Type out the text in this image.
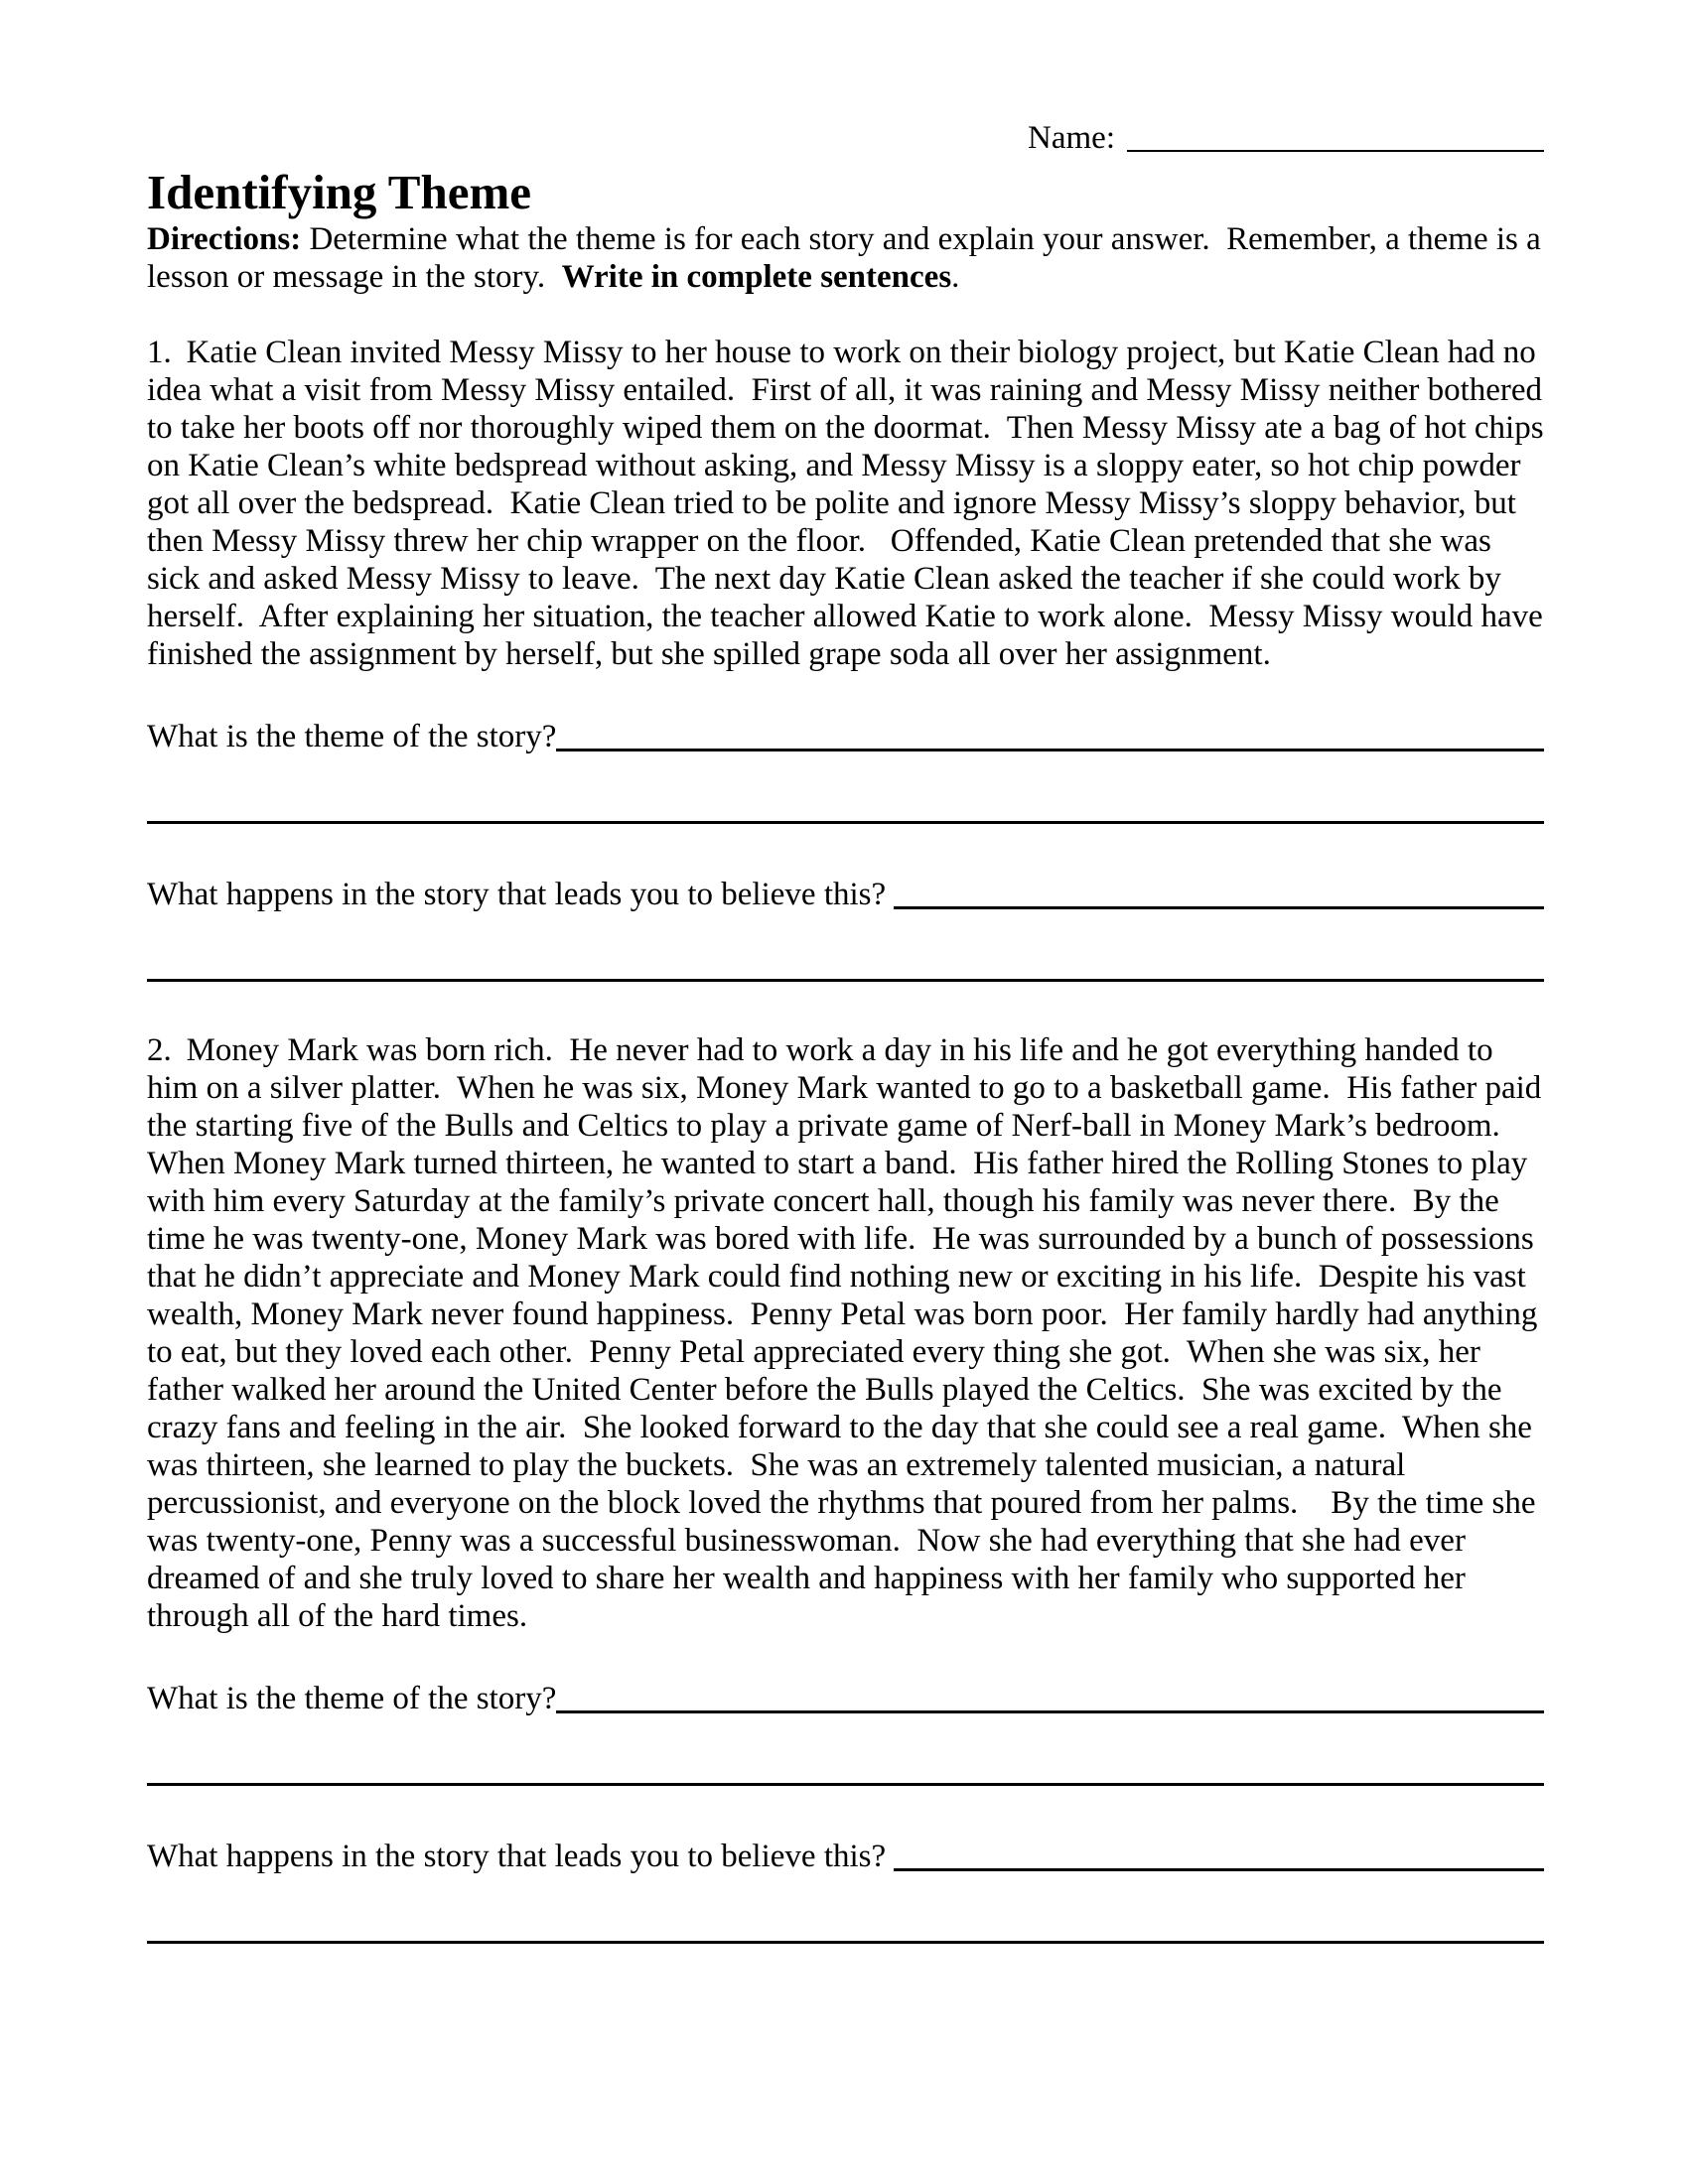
Name:
Identifying Theme
Directions: Determine what the theme is for each story and explain your answer.  Remember, a theme is a lesson or message in the story.  Write in complete sentences.
1. Katie Clean invited Messy Missy to her house to work on their biology project, but Katie Clean had no idea what a visit from Messy Missy entailed.  First of all, it was raining and Messy Missy neither bothered to take her boots off nor thoroughly wiped them on the doormat.  Then Messy Missy ate a bag of hot chips on Katie Clean’s white bedspread without asking, and Messy Missy is a sloppy eater, so hot chip powder got all over the bedspread.  Katie Clean tried to be polite and ignore Messy Missy’s sloppy behavior, but then Messy Missy threw her chip wrapper on the floor.   Offended, Katie Clean pretended that she was sick and asked Messy Missy to leave.  The next day Katie Clean asked the teacher if she could work by herself.  After explaining her situation, the teacher allowed Katie to work alone.  Messy Missy would have finished the assignment by herself, but she spilled grape soda all over her assignment.
What is the theme of the story?
What happens in the story that leads you to believe this?
2. Money Mark was born rich.  He never had to work a day in his life and he got everything handed to him on a silver platter.  When he was six, Money Mark wanted to go to a basketball game.  His father paid the starting five of the Bulls and Celtics to play a private game of Nerf-ball in Money Mark’s bedroom.  When Money Mark turned thirteen, he wanted to start a band.  His father hired the Rolling Stones to play with him every Saturday at the family’s private concert hall, though his family was never there.  By the time he was twenty-one, Money Mark was bored with life.  He was surrounded by a bunch of possessions that he didn’t appreciate and Money Mark could find nothing new or exciting in his life.  Despite his vast wealth, Money Mark never found happiness.  Penny Petal was born poor.  Her family hardly had anything to eat, but they loved each other.  Penny Petal appreciated every thing she got.  When she was six, her father walked her around the United Center before the Bulls played the Celtics.  She was excited by the crazy fans and feeling in the air.  She looked forward to the day that she could see a real game.  When she was thirteen, she learned to play the buckets.  She was an extremely talented musician, a natural percussionist, and everyone on the block loved the rhythms that poured from her palms.    By the time she was twenty-one, Penny was a successful businesswoman.  Now she had everything that she had ever dreamed of and she truly loved to share her wealth and happiness with her family who supported her through all of the hard times.
What is the theme of the story?
What happens in the story that leads you to believe this?
